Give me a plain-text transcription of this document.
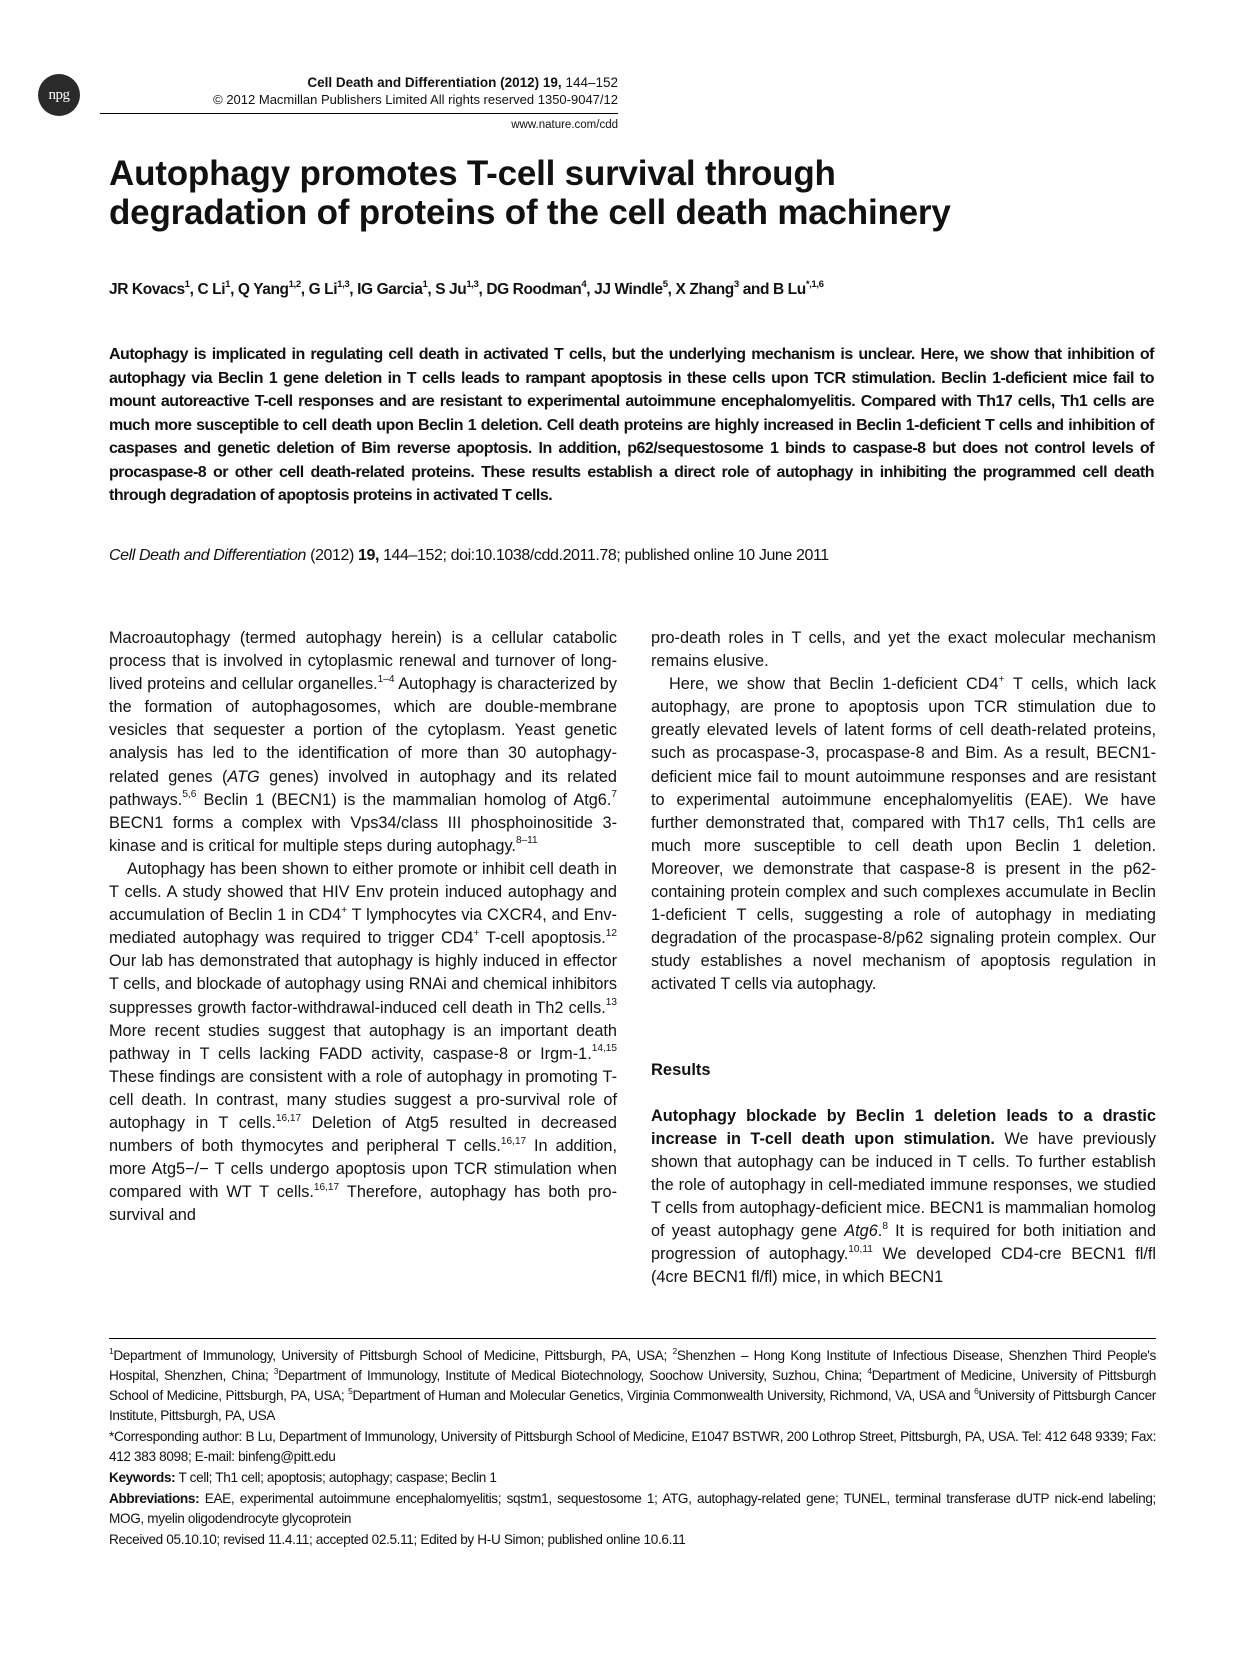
npg
Cell Death and Differentiation (2012) 19, 144–152
© 2012 Macmillan Publishers Limited All rights reserved 1350-9047/12
www.nature.com/cdd
Autophagy promotes T-cell survival through
degradation of proteins of the cell death machinery
JR Kovacs$^1$, C Li$^1$, Q Yang$^{1,2}$, G Li$^{1,3}$, IG Garcia$^1$, S Ju$^{1,3}$, DG Roodman$^4$, JJ Windle$^5$, X Zhang$^3$ and B $Lu^{*,1,6}$
Autophagy is implicated in regulating cell death in activated T cells, but the underlying mechanism is unclear. Here, we show that inhibition of autophagy via Beclin 1 gene deletion in T cells leads to rampant apoptosis in these cells upon TCR stimulation. Beclin 1-deficient mice fail to mount autoreactive T-cell responses and are resistant to experimental autoimmune encephalomyelitis. Compared with Th17 cells, Th1 cells are much more susceptible to cell death upon Beclin 1 deletion. Cell death proteins are highly increased in Beclin 1-deficient T cells and inhibition of caspases and genetic deletion of Bim reverse apoptosis. In addition, p62/sequestosome 1 binds to caspase-8 but does not control levels of procaspase-8 or other cell death-related proteins. These results establish a direct role of autophagy in inhibiting the programmed cell death through degradation of apoptosis proteins in activated T cells.
Cell Death and Differentiation (2012) 19, 144–152; doi:10.1038/cdd.2011.78; published online 10 June 2011

Macroautophagy (termed autophagy herein) is a cellular catabolic process that is involved in cytoplasmic renewal and turnover of long-lived proteins and cellular organelles.$^{1-4}$ Autophagy is characterized by the formation of autophagosomes, which are double-membrane vesicles that sequester a portion of the cytoplasm. Yeast genetic analysis has led to the identification of more than 30 autophagy-related genes (ATG genes) involved in autophagy and its related pathways.$^{5,6}$ Beclin 1 (BECN1) is the mammalian homolog of Atg6.$^7$ BECN1 forms a complex with Vps34/class III phosphoinositide 3-kinase and is critical for multiple steps during autophagy.$^{8-11}$

Autophagy has been shown to either promote or inhibit cell death in T cells. A study showed that HIV Env protein induced autophagy and accumulation of Beclin 1 in CD4+ T lymphocytes via CXCR4, and Env-mediated autophagy was required to trigger CD4+ T-cell apoptosis.$^{12}$ Our lab has demonstrated that autophagy is highly induced in effector T cells, and blockade of autophagy using RNAi and chemical inhibitors suppresses growth factor-withdrawal-induced cell death in Th2 cells.$^{13}$ More recent studies suggest that autophagy is an important death pathway in T cells lacking FADD activity, caspase-8 or Irgm-1.$^{14,15}$ These findings are consistent with a role of autophagy in promoting T-cell death. In contrast, many studies suggest a pro-survival role of autophagy in T cells.$^{16,17}$ Deletion of Atg5 resulted in decreased numbers of both thymocytes and peripheral T cells.$^{16,17}$ In addition, more Atg5−/− T cells undergo apoptosis upon TCR stimulation when compared with WT T cells.$^{16,17}$ Therefore, autophagy has both pro-survival and

pro-death roles in T cells, and yet the exact molecular mechanism remains elusive.

Here, we show that Beclin 1-deficient CD4+ T cells, which lack autophagy, are prone to apoptosis upon TCR stimulation due to greatly elevated levels of latent forms of cell death-related proteins, such as procaspase-3, procaspase-8 and Bim. As a result, BECN1-deficient mice fail to mount autoimmune responses and are resistant to experimental autoimmune encephalomyelitis (EAE). We have further demonstrated that, compared with Th17 cells, Th1 cells are much more susceptible to cell death upon Beclin 1 deletion. Moreover, we demonstrate that caspase-8 is present in the p62-containing protein complex and such complexes accumulate in Beclin 1-deficient T cells, suggesting a role of autophagy in mediating degradation of the procaspase-8/p62 signaling protein complex. Our study establishes a novel mechanism of apoptosis regulation in activated T cells via autophagy.

Results

Autophagy blockade by Beclin 1 deletion leads to a drastic increase in T-cell death upon stimulation. We have previously shown that autophagy can be induced in T cells. To further establish the role of autophagy in cell-mediated immune responses, we studied T cells from autophagy-deficient mice. BECN1 is mammalian homolog of yeast autophagy gene Atg6.$^8$ It is required for both initiation and progression of autophagy.$^{10,11}$ We developed CD4-cre BECN1 fl/fl (4cre BECN1 fl/fl) mice, in which BECN1

$^1$Department of Immunology, University of Pittsburgh School of Medicine, Pittsburgh, PA, USA; $^2$Shenzhen – Hong Kong Institute of Infectious Disease, Shenzhen Third People's Hospital, Shenzhen, China; $^3$Department of Immunology, Institute of Medical Biotechnology, Soochow University, Suzhou, China; $^4$Department of Medicine, University of Pittsburgh School of Medicine, Pittsburgh, PA, USA; $^5$Department of Human and Molecular Genetics, Virginia Commonwealth University, Richmond, VA, USA and $^6$University of Pittsburgh Cancer Institute, Pittsburgh, PA, USA

*Corresponding author: B Lu, Department of Immunology, University of Pittsburgh School of Medicine, E1047 BSTWR, 200 Lothrop Street, Pittsburgh, PA, USA. Tel: 412 648 9339; Fax: 412 383 8098; E-mail: binfeng@pitt.edu

Keywords: T cell; Th1 cell; apoptosis; autophagy; caspase; Beclin 1

Abbreviations: EAE, experimental autoimmune encephalomyelitis; sqstm1, sequestosome 1; ATG, autophagy-related gene; TUNEL, terminal transferase dUTP nick-end labeling; MOG, myelin oligodendrocyte glycoprotein

Received 05.10.10; revised 11.4.11; accepted 02.5.11; Edited by H-U Simon; published online 10.6.11
